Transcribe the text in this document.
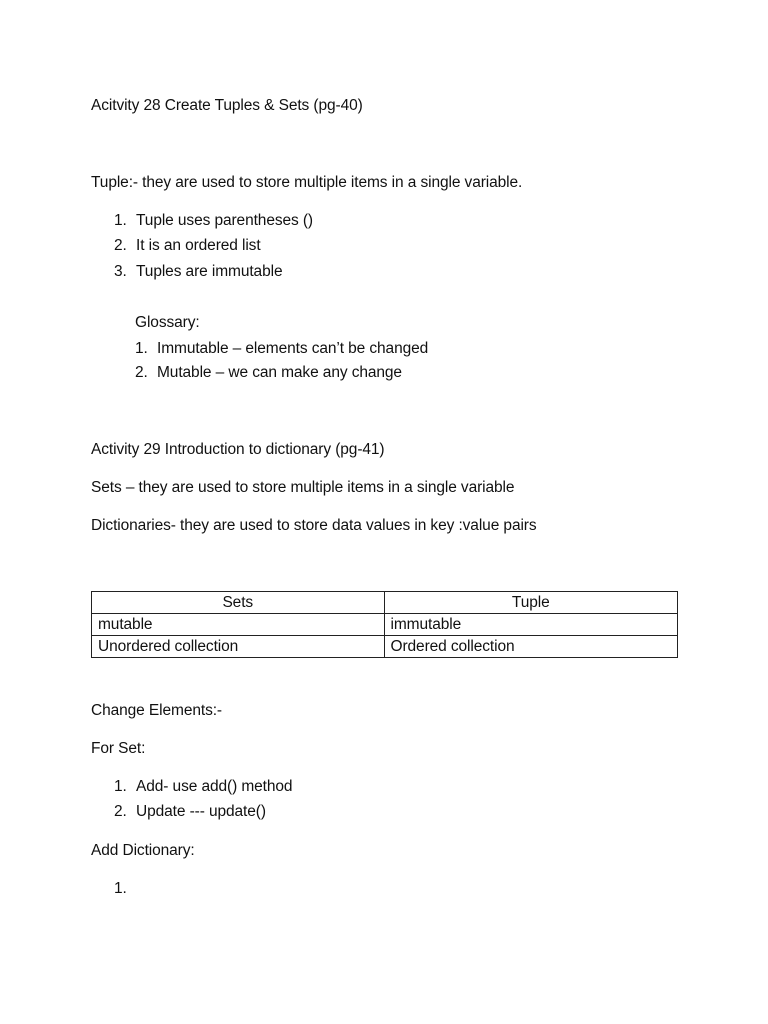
Acitvity 28 Create Tuples & Sets (pg-40)
Tuple:- they are used to store multiple items in a single variable.
1. Tuple uses parentheses ()
2. It is an ordered list
3. Tuples are immutable
Glossary:
1. Immutable – elements can’t be changed
2. Mutable – we can make any change
Activity 29 Introduction to dictionary (pg-41)
Sets – they are used to store multiple items in a single variable
Dictionaries- they are used to store data values in key :value pairs
Sets	Tuple
mutable	immutable
Unordered collection	Ordered collection
Change Elements:-
For Set:
1. Add- use add() method
2. Update --- update()
Add Dictionary:
1.
